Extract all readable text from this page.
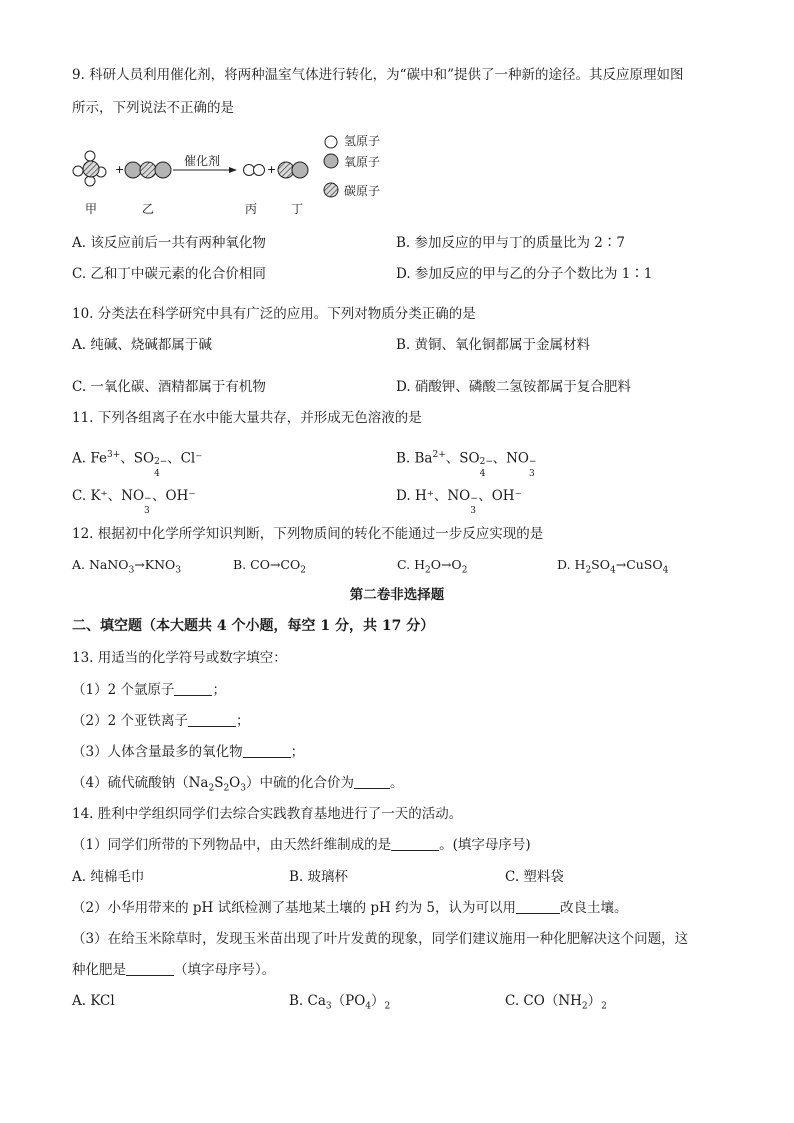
9. 科研人员利用催化剂，将两种温室气体进行转化，为“碳中和”提供了一种新的途径。其反应原理如图
所示，下列说法不正确的是
+	+
催化剂
甲	乙	丙	丁
氢原子
氧原子
碳原子
A. 该反应前后一共有两种氧化物	B. 参加反应的甲与丁的质量比为 2∶7
C. 乙和丁中碳元素的化合价相同	D. 参加反应的甲与乙的分子个数比为 1∶1
10. 分类法在科学研究中具有广泛的应用。下列对物质分类正确的是
A. 纯碱、烧碱都属于碱	B. 黄铜、氧化铜都属于金属材料
C. 一氧化碳、酒精都属于有机物	D. 硝酸钾、磷酸二氢铵都属于复合肥料
11. 下列各组离子在水中能大量共存，并形成无色溶液的是
A. $Fe^{3+}$、SO 2−
4
、Cl⁻	B. $Ba^{2+}$、SO 2−
4
、NO −
3
C. K⁺、NO −
3
、OH⁻	D. H⁺、NO −
3
、OH⁻
12. 根据初中化学所学知识判断，下列物质间的转化不能通过一步反应实现的是
A. $NaNO_3\to KNO_3$	B. $CO\to CO_2$	C. $H_2O\to O_2$	D. $H_2SO_4\to CuSO_4$
第二卷非选择题
二、填空题（本大题共 4 个小题，每空 1 分，共 17 分）
13. 用适当的化学符号或数字填空：
（1）2 个氩原子	；
（2）2 个亚铁离子	；
（3）人体含量最多的氧化物	；
（4）硫代硫酸钠$(Na_2S_2O_3)$中硫的化合价为	。
14. 胜利中学组织同学们去综合实践教育基地进行了一天的活动。
（1）同学们所带的下列物品中，由天然纤维制成的是	。(填字母序号)
A. 纯棉毛巾	B. 玻璃杯	C. 塑料袋
（2）小华用带来的 pH 试纸检测了基地某土壤的 pH 约为 5，认为可以用	改良土壤。
（3）在给玉米除草时，发现玉米苗出现了叶片发黄的现象，同学们建议施用一种化肥解决这个问题，这
种化肥是	（填字母序号）。
A. KCl	B. $Ca_3(PO_4)_2$	C. $CO(NH_2)_2$
